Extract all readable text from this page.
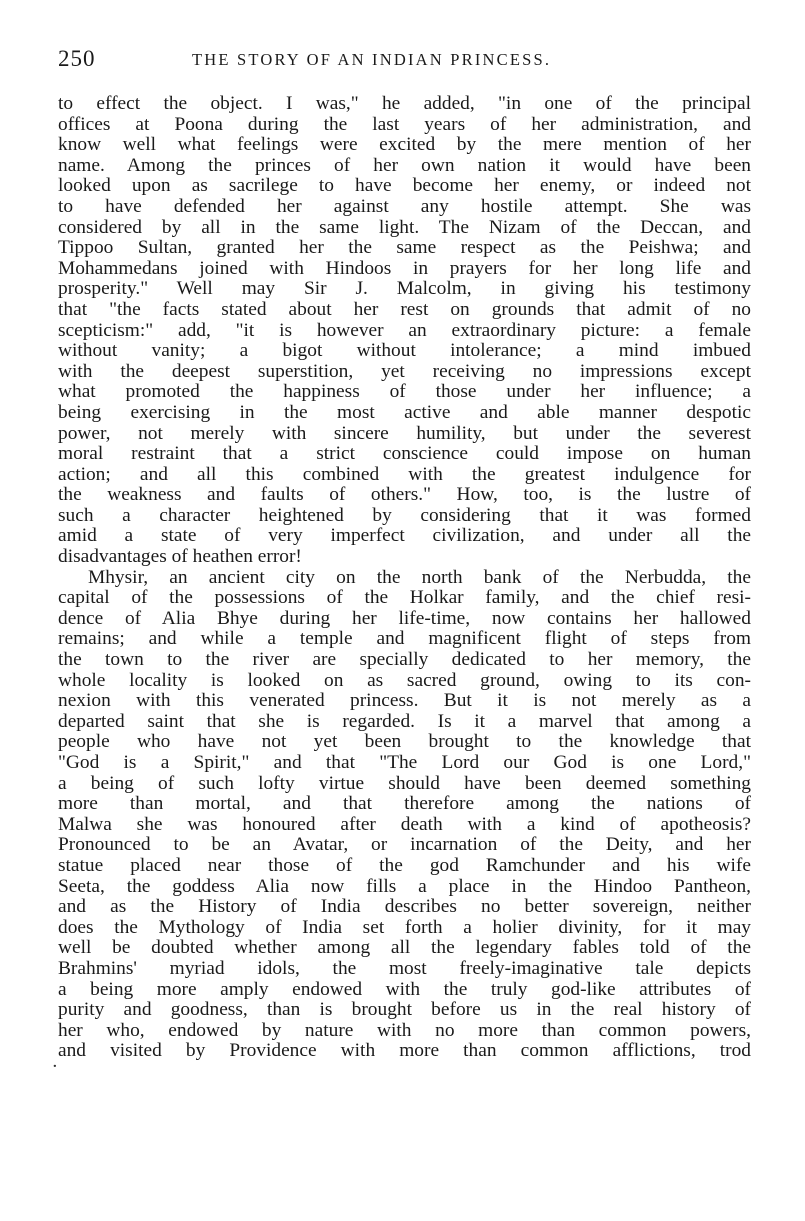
250	THE STORY OF AN INDIAN PRINCESS.
·
to effect the object. I was," he added, "in one of the principal
offices at Poona during the last years of her administration, and
know well what feelings were excited by the mere mention of her
name. Among the princes of her own nation it would have been
looked upon as sacrilege to have become her enemy, or indeed not
to have defended her against any hostile attempt. She was
considered by all in the same light. The Nizam of the Deccan, and
Tippoo Sultan, granted her the same respect as the Peishwa; and
Mohammedans joined with Hindoos in prayers for her long life and
prosperity." Well may Sir J. Malcolm, in giving his testimony
that "the facts stated about her rest on grounds that admit of no
scepticism:" add, "it is however an extraordinary picture: a female
without vanity; a bigot without intolerance; a mind imbued
with the deepest superstition, yet receiving no impressions except
what promoted the happiness of those under her influence; a
being exercising in the most active and able manner despotic
power, not merely with sincere humility, but under the severest
moral restraint that a strict conscience could impose on human
action; and all this combined with the greatest indulgence for
the weakness and faults of others." How, too, is the lustre of
such a character heightened by considering that it was formed
amid a state of very imperfect civilization, and under all the
disadvantages of heathen error!
Mhysir, an ancient city on the north bank of the Nerbudda, the
capital of the possessions of the Holkar family, and the chief resi-
dence of Alia Bhye during her life-time, now contains her hallowed
remains; and while a temple and magnificent flight of steps from
the town to the river are specially dedicated to her memory, the
whole locality is looked on as sacred ground, owing to its con-
nexion with this venerated princess. But it is not merely as a
departed saint that she is regarded. Is it a marvel that among a
people who have not yet been brought to the knowledge that
"God is a Spirit," and that "The Lord our God is one Lord,"
a being of such lofty virtue should have been deemed something
more than mortal, and that therefore among the nations of
Malwa she was honoured after death with a kind of apotheosis?
Pronounced to be an Avatar, or incarnation of the Deity, and her
statue placed near those of the god Ramchunder and his wife
Seeta, the goddess Alia now fills a place in the Hindoo Pantheon,
and as the History of India describes no better sovereign, neither
does the Mythology of India set forth a holier divinity, for it may
well be doubted whether among all the legendary fables told of the
Brahmins' myriad idols, the most freely-imaginative tale depicts
a being more amply endowed with the truly god-like attributes of
purity and goodness, than is brought before us in the real history of
her who, endowed by nature with no more than common powers,
and visited by Providence with more than common afflictions, trod
